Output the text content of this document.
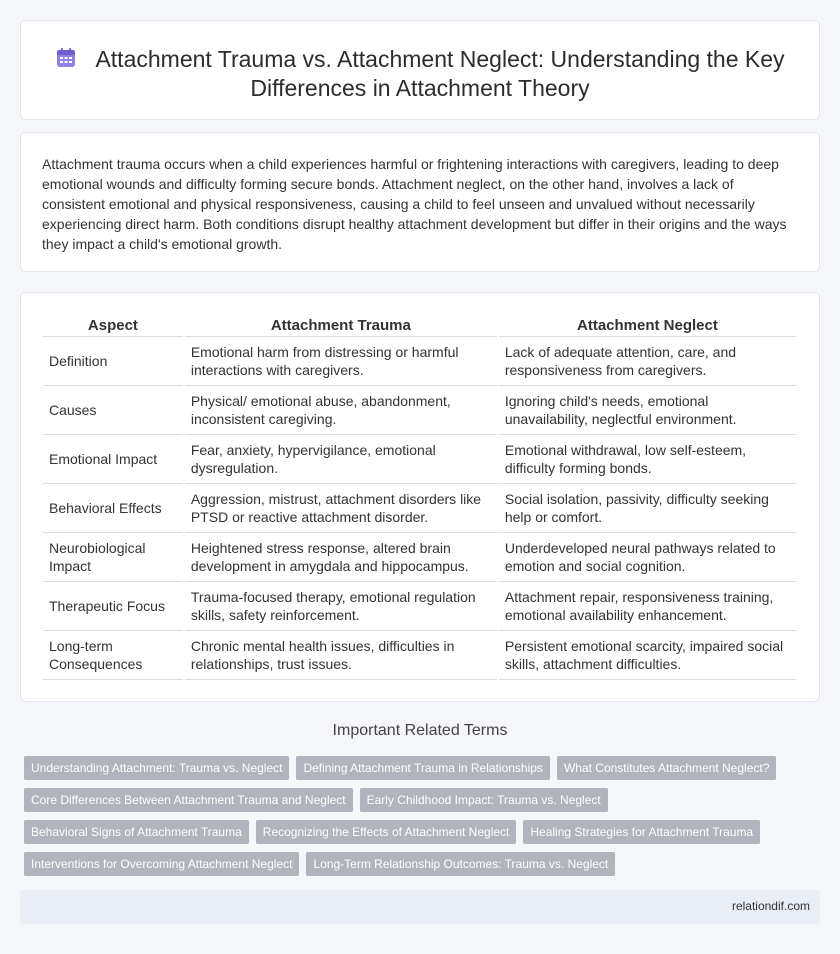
Attachment Trauma vs. Attachment Neglect: Understanding the Key Differences in Attachment Theory

Attachment trauma occurs when a child experiences harmful or frightening interactions with caregivers, leading to deep emotional wounds and difficulty forming secure bonds. Attachment neglect, on the other hand, involves a lack of consistent emotional and physical responsiveness, causing a child to feel unseen and unvalued without necessarily experiencing direct harm. Both conditions disrupt healthy attachment development but differ in their origins and the ways they impact a child's emotional growth.

Aspect	Attachment Trauma	Attachment Neglect
Definition	Emotional harm from distressing or harmful interactions with caregivers.	Lack of adequate attention, care, and responsiveness from caregivers.
Causes	Physical/ emotional abuse, abandonment, inconsistent caregiving.	Ignoring child's needs, emotional unavailability, neglectful environment.
Emotional Impact	Fear, anxiety, hypervigilance, emotional dysregulation.	Emotional withdrawal, low self-esteem, difficulty forming bonds.
Behavioral Effects	Aggression, mistrust, attachment disorders like PTSD or reactive attachment disorder.	Social isolation, passivity, difficulty seeking help or comfort.
Neurobiological Impact	Heightened stress response, altered brain development in amygdala and hippocampus.	Underdeveloped neural pathways related to emotion and social cognition.
Therapeutic Focus	Trauma-focused therapy, emotional regulation skills, safety reinforcement.	Attachment repair, responsiveness training, emotional availability enhancement.
Long-term Consequences	Chronic mental health issues, difficulties in relationships, trust issues.	Persistent emotional scarcity, impaired social skills, attachment difficulties.
Important Related Terms
Understanding Attachment: Trauma vs. Neglect	Defining Attachment Trauma in Relationships	What Constitutes Attachment Neglect?
Core Differences Between Attachment Trauma and Neglect	Early Childhood Impact: Trauma vs. Neglect
Behavioral Signs of Attachment Trauma	Recognizing the Effects of Attachment Neglect	Healing Strategies for Attachment Trauma
Interventions for Overcoming Attachment Neglect	Long-Term Relationship Outcomes: Trauma vs. Neglect
relationdif.com
